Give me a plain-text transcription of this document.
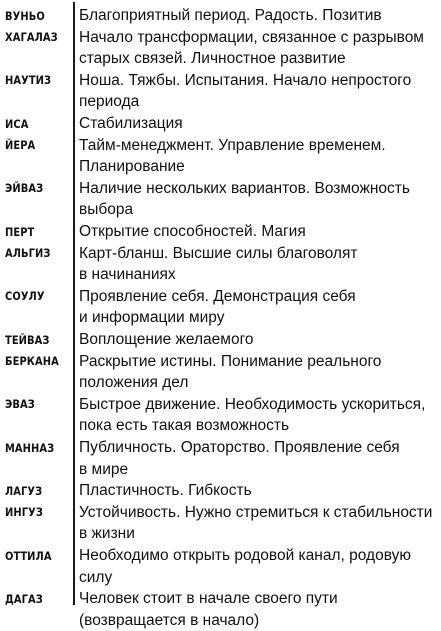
ВУНЬО Благоприятный период. Радость. Позитив
ХАГАЛАЗ Начало трансформации, связанное с разрывом
старых связей. Личностное развитие
НАУТИЗ Ноша. Тяжбы. Испытания. Начало непростого
периода
ИСА	Стабилизация
ЙЕРА	Тайм-менеджмент. Управление временем.
Планирование
ЭЙВАЗ Наличие нескольких вариантов. Возможность
выбора
ПЕРТ	Открытие способностей. Магия
АЛЬГИЗ Карт-бланш. Высшие силы благоволят
в начинаниях
СОУЛУ Проявление себя. Демонстрация себя
и информации миру
ТЕЙВАЗ Воплощение желаемого
БЕРКАНА Раскрытие истины. Понимание реального
положения дел
ЭВАЗ	Быстрое движение. Необходимость ускориться,
пока есть такая возможность
МАННАЗ Публичность. Ораторство. Проявление себя
в мире
ЛАГУЗ Пластичность. Гибкость
ИНГУЗ Устойчивость. Нужно стремиться к стабильности
в жизни
ОТТИЛА Необходимо открыть родовой канал, родовую
силу
ДАГАЗ Человек стоит в начале своего пути
(возвращается в начало)
